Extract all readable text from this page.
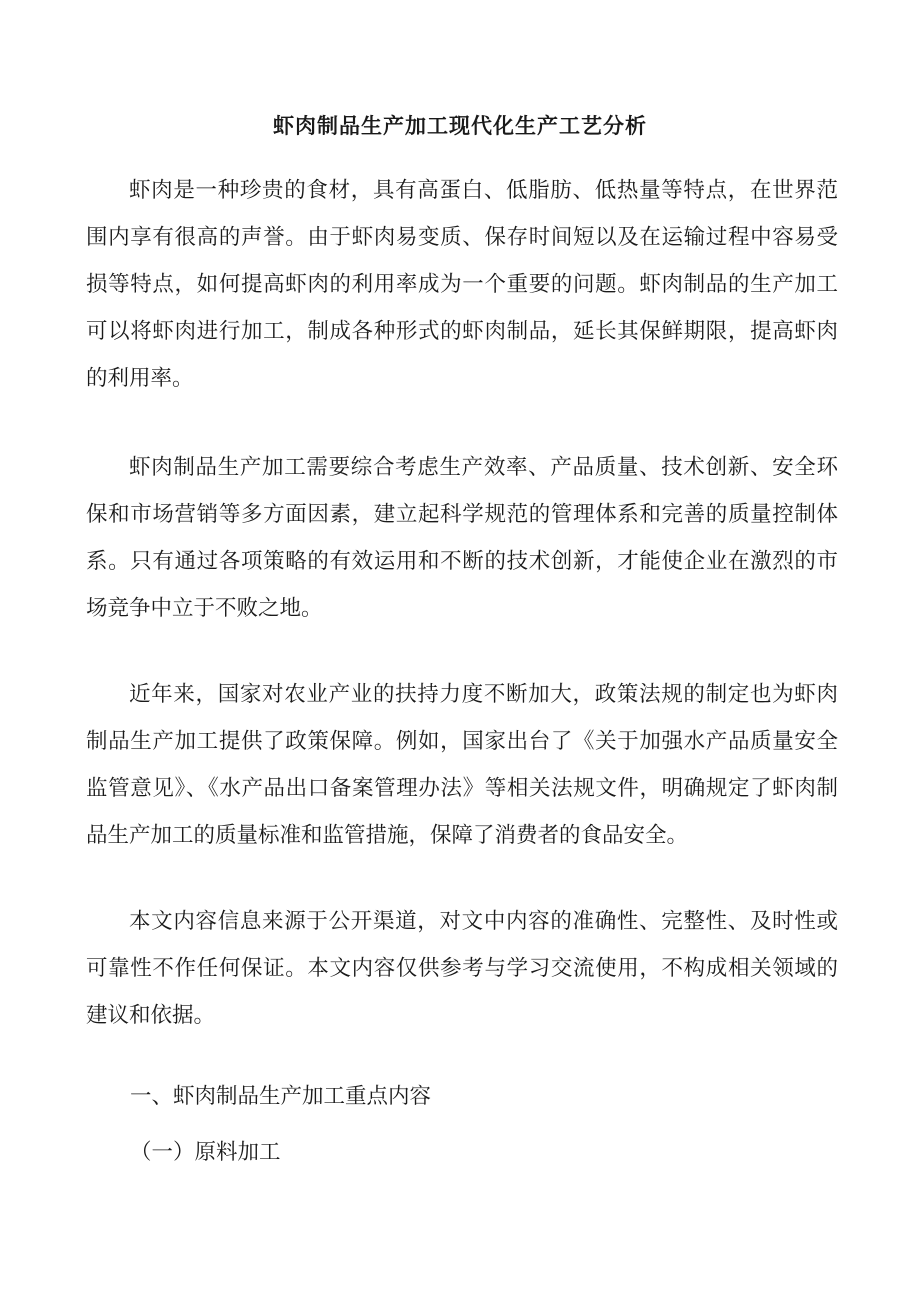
虾肉制品生产加工现代化生产工艺分析

虾肉是一种珍贵的食材，具有高蛋白、低脂肪、低热量等特点，在世界范围内享有很高的声誉。由于虾肉易变质、保存时间短以及在运输过程中容易受损等特点，如何提高虾肉的利用率成为一个重要的问题。虾肉制品的生产加工可以将虾肉进行加工，制成各种形式的虾肉制品，延长其保鲜期限，提高虾肉的利用率。

虾肉制品生产加工需要综合考虑生产效率、产品质量、技术创新、安全环保和市场营销等多方面因素，建立起科学规范的管理体系和完善的质量控制体系。只有通过各项策略的有效运用和不断的技术创新，才能使企业在激烈的市场竞争中立于不败之地。

近年来，国家对农业产业的扶持力度不断加大，政策法规的制定也为虾肉制品生产加工提供了政策保障。例如，国家出台了《关于加强水产品质量安全监管意见》、《水产品出口备案管理办法》等相关法规文件，明确规定了虾肉制品生产加工的质量标准和监管措施，保障了消费者的食品安全。

本文内容信息来源于公开渠道，对文中内容的准确性、完整性、及时性或可靠性不作任何保证。本文内容仅供参考与学习交流使用，不构成相关领域的建议和依据。

一、虾肉制品生产加工重点内容

（一）原料加工
